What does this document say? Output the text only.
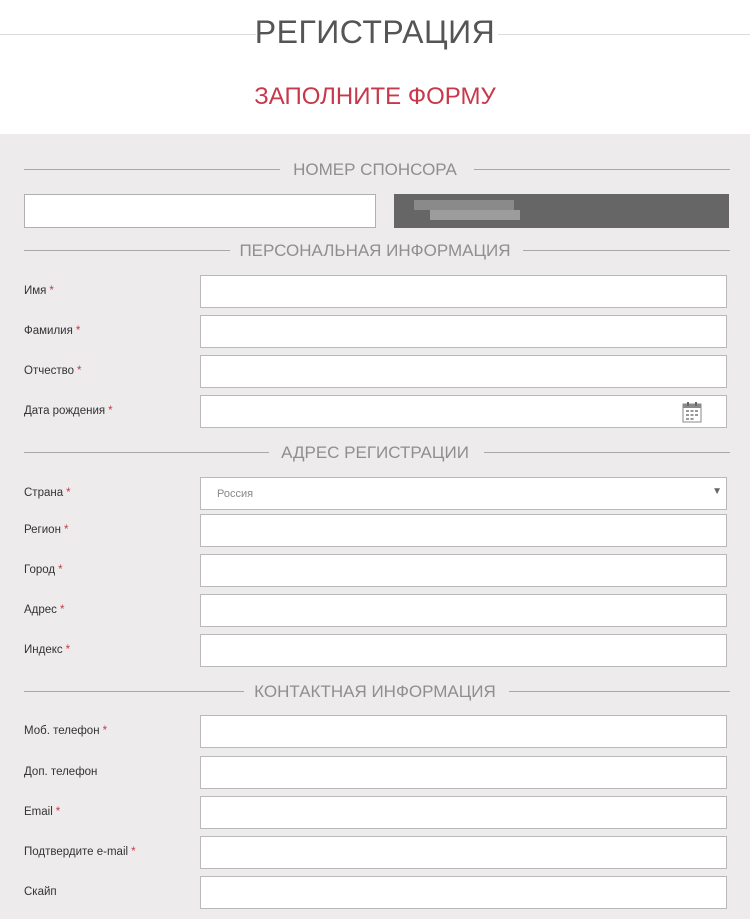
РЕГИСТРАЦИЯ
ЗАПОЛНИТЕ ФОРМУ
НОМЕР СПОНСОРА
ПЕРСОНАЛЬНАЯ ИНФОРМАЦИЯ
Имя *
Фамилия *
Отчество *
Дата рождения *
АДРЕС РЕГИСТРАЦИИ
Страна *	Россия	▼
Регион *
Город *
Адрес *
Индекс *
КОНТАКТНАЯ ИНФОРМАЦИЯ
Моб. телефон *
Доп. телефон
Email *
Подтвердите e-mail *
Скайп
